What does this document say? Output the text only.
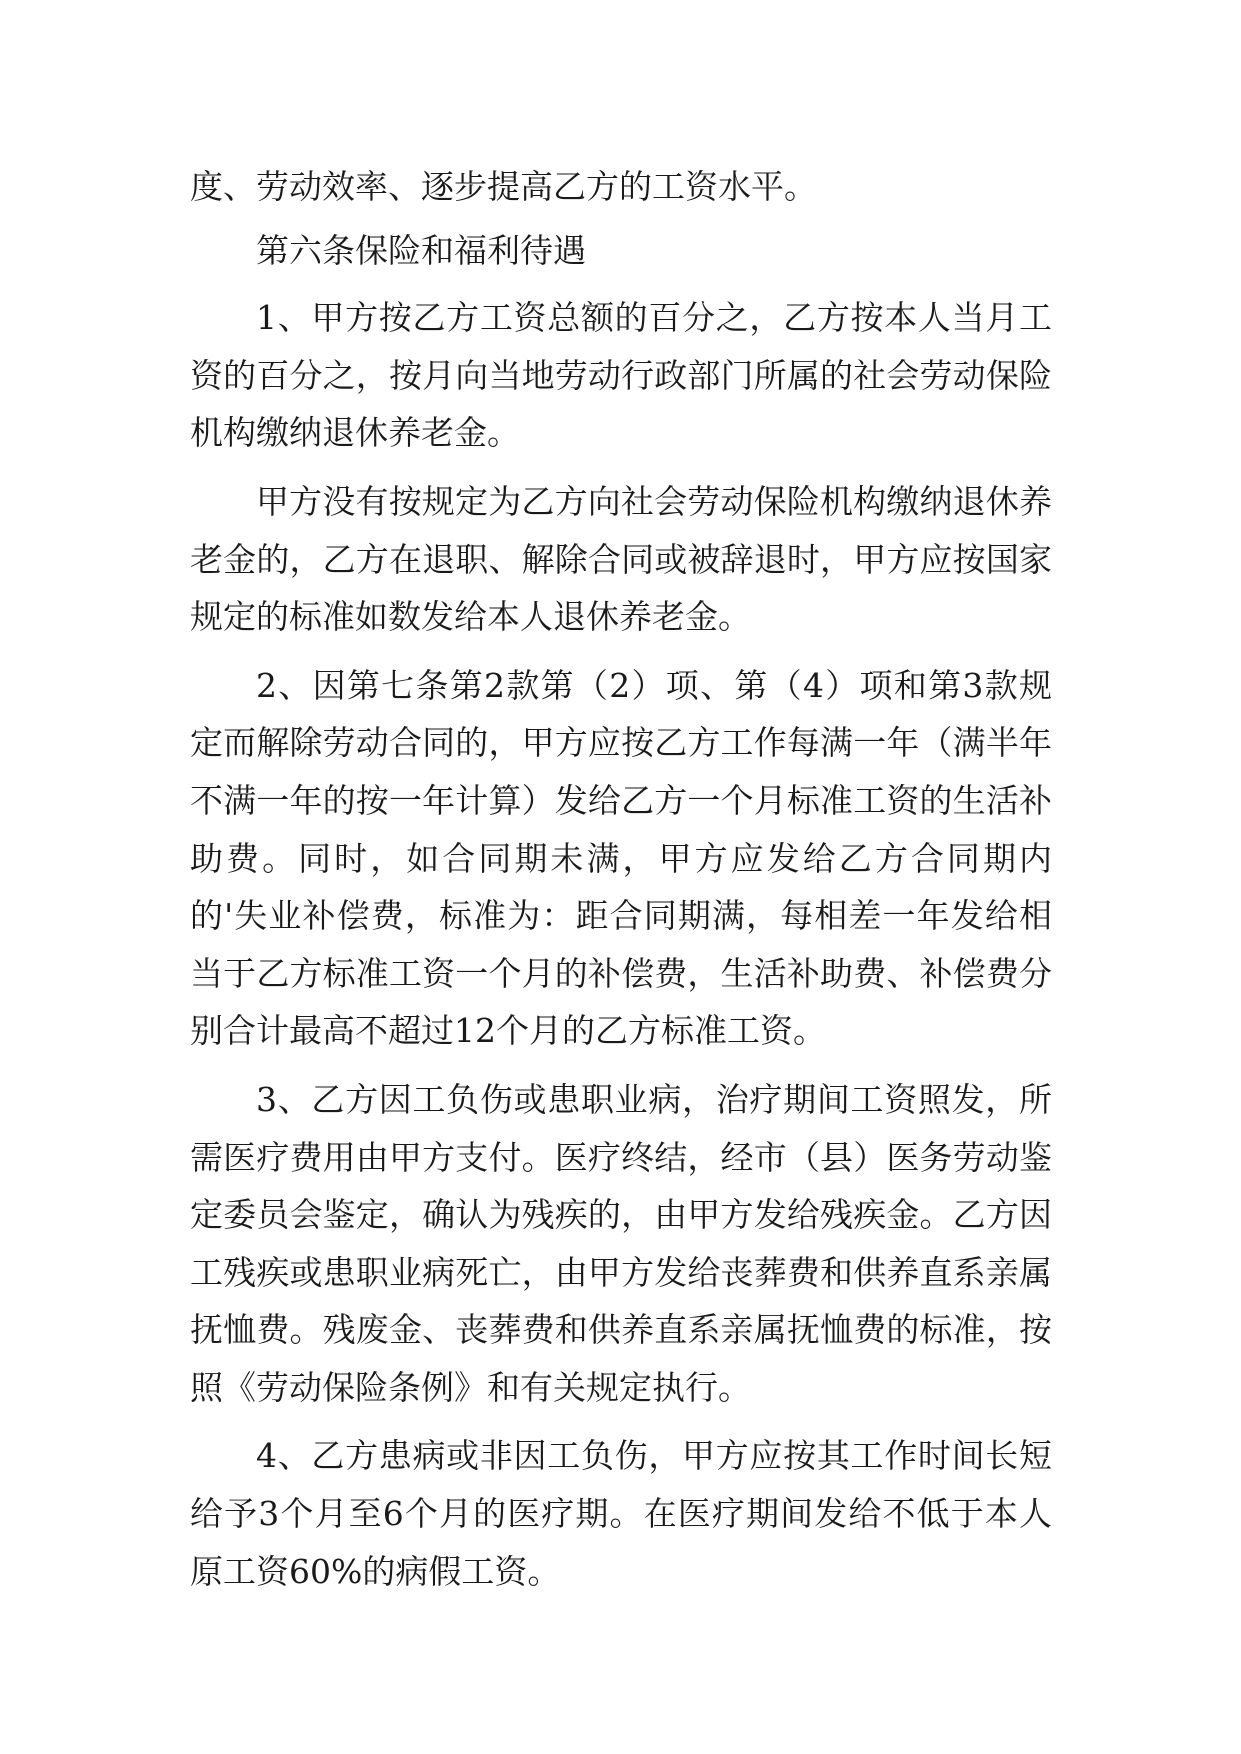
度、劳动效率、逐步提高乙方的工资水平。

第六条保险和福利待遇

1、甲方按乙方工资总额的百分之，乙方按本人当月工资的百分之，按月向当地劳动行政部门所属的社会劳动保险机构缴纳退休养老金。

甲方没有按规定为乙方向社会劳动保险机构缴纳退休养老金的，乙方在退职、解除合同或被辞退时，甲方应按国家规定的标准如数发给本人退休养老金。

2、因第七条第2款第（2）项、第（4）项和第3款规定而解除劳动合同的，甲方应按乙方工作每满一年（满半年不满一年的按一年计算）发给乙方一个月标准工资的生活补助费。同时，如合同期未满，甲方应发给乙方合同期内的'失业补偿费，标准为：距合同期满，每相差一年发给相当于乙方标准工资一个月的补偿费，生活补助费、补偿费分别合计最高不超过12个月的乙方标准工资。

3、乙方因工负伤或患职业病，治疗期间工资照发，所需医疗费用由甲方支付。医疗终结，经市（县）医务劳动鉴定委员会鉴定，确认为残疾的，由甲方发给残疾金。乙方因工残疾或患职业病死亡，由甲方发给丧葬费和供养直系亲属抚恤费。残废金、丧葬费和供养直系亲属抚恤费的标准，按照《劳动保险条例》和有关规定执行。

4、乙方患病或非因工负伤，甲方应按其工作时间长短给予3个月至6个月的医疗期。在医疗期间发给不低于本人原工资60%的病假工资。
